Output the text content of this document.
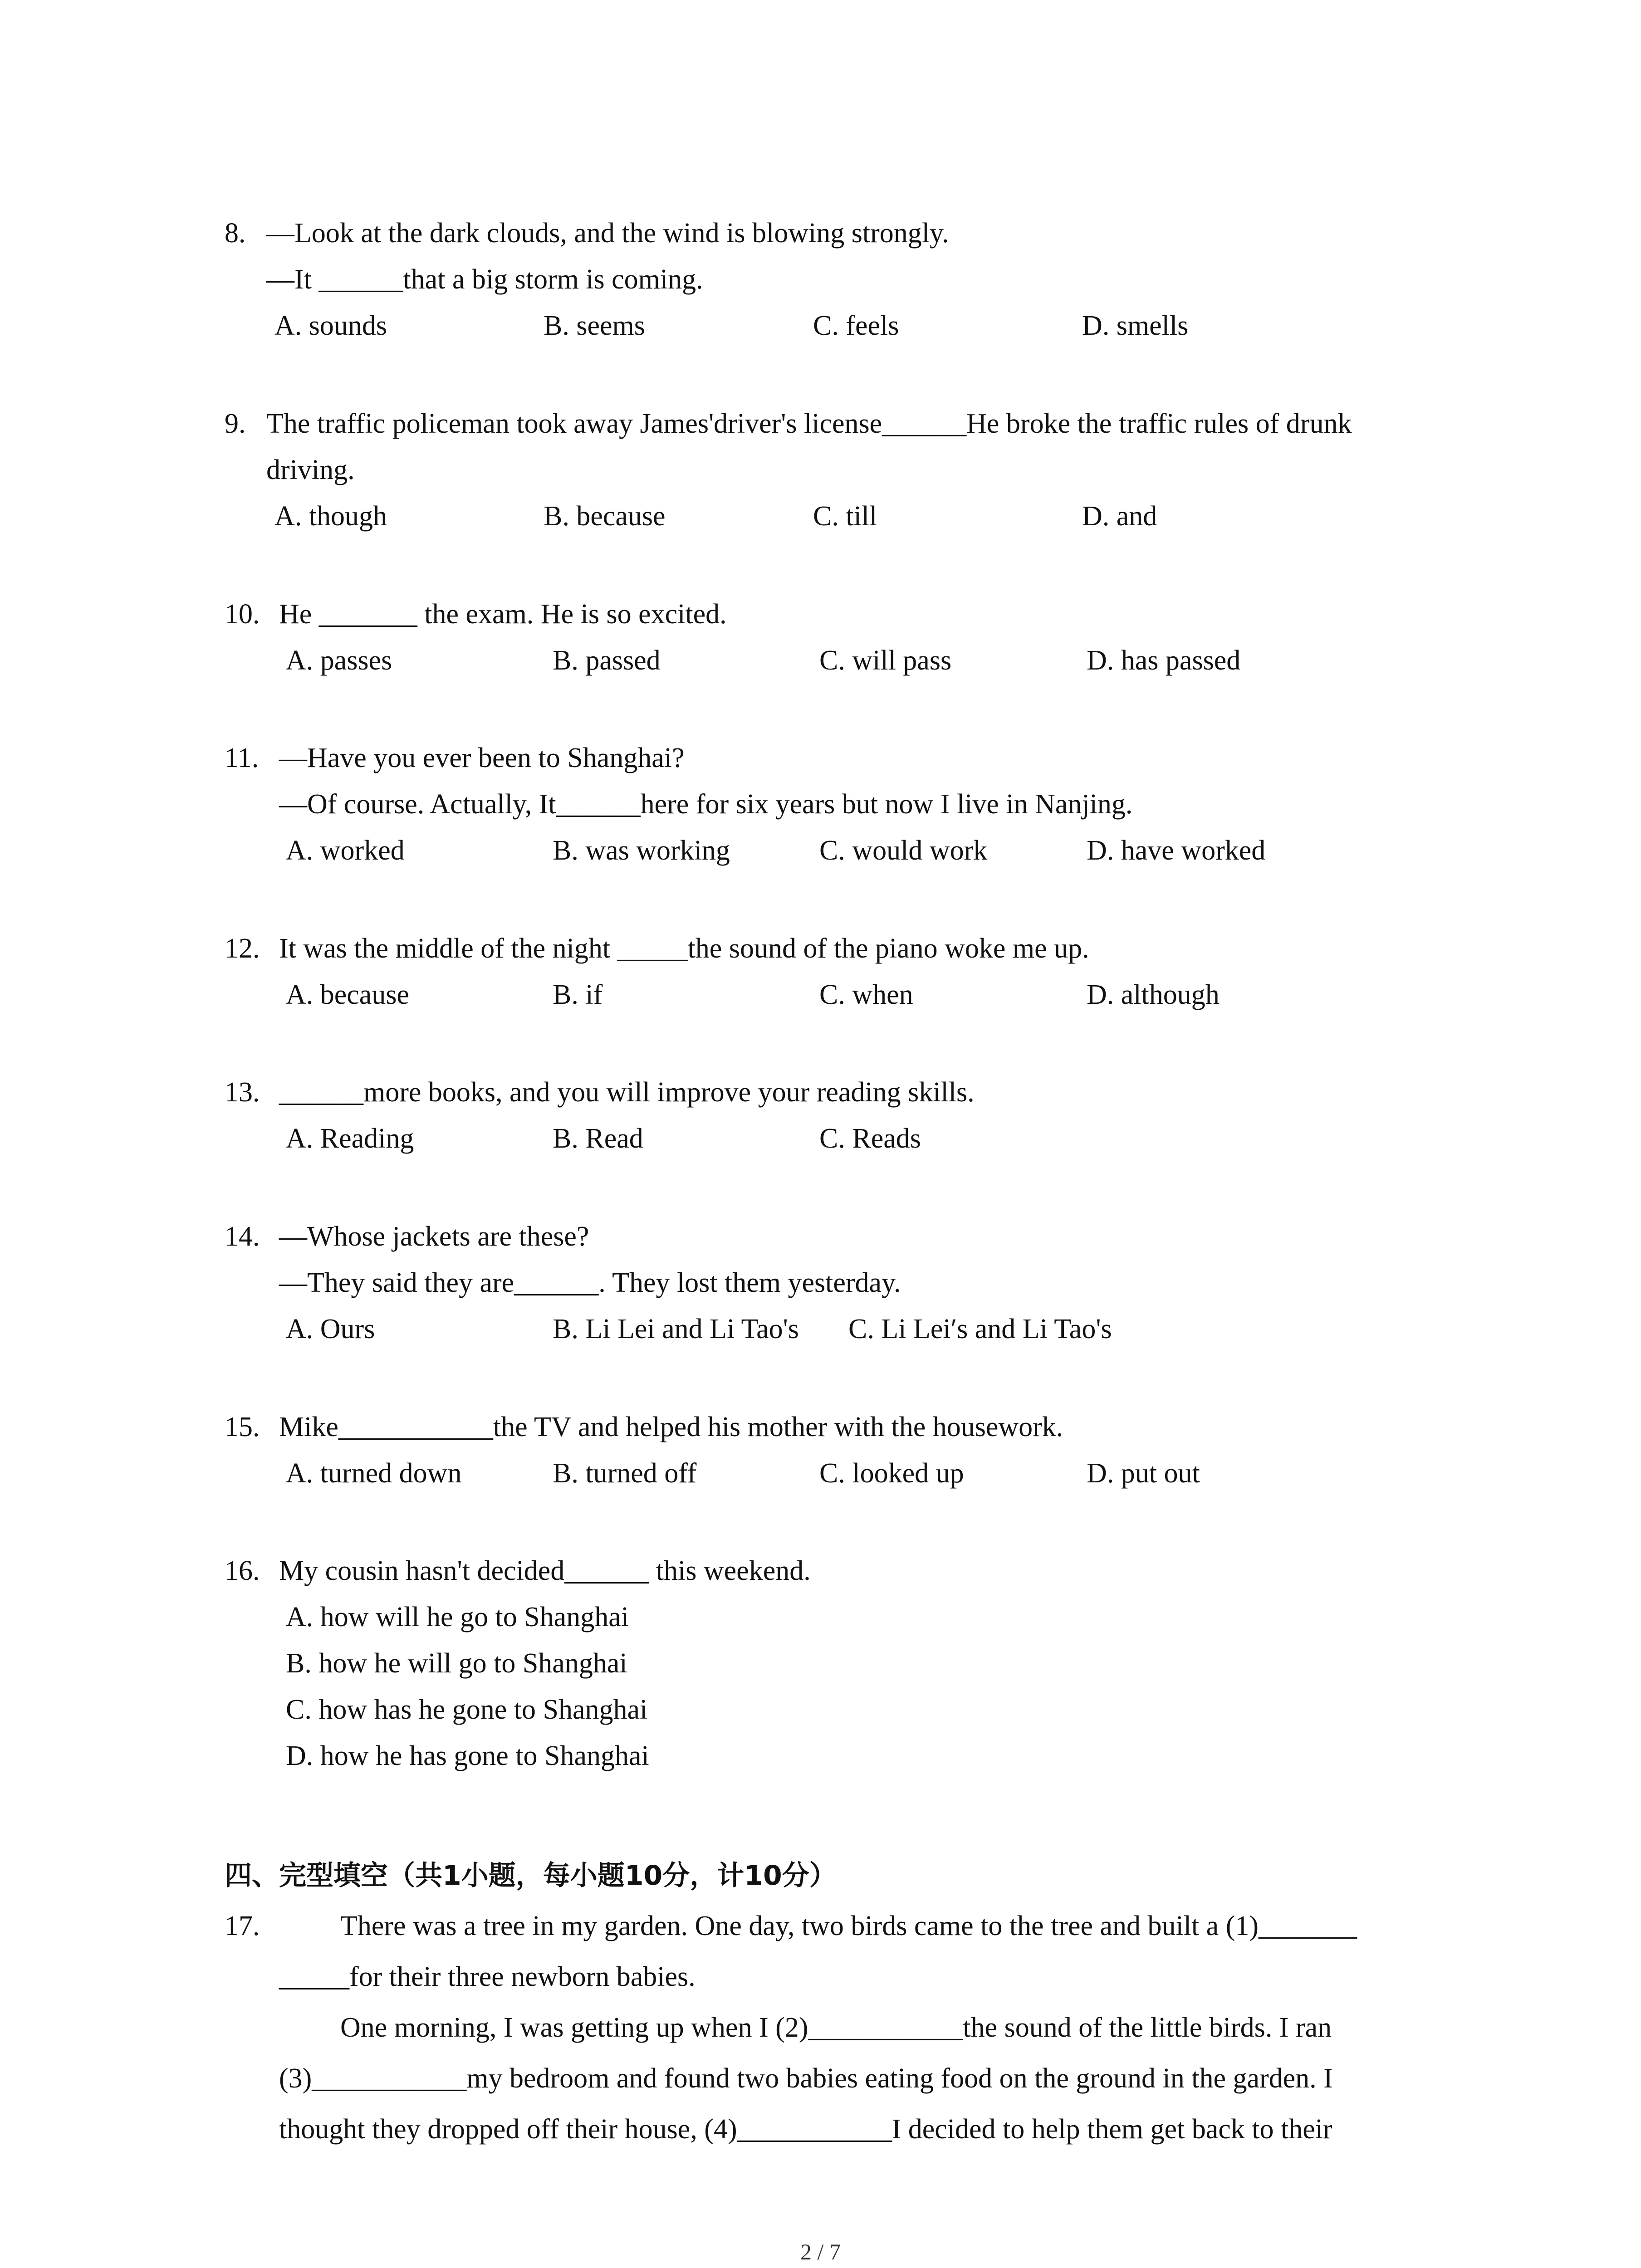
8. —Look at the dark clouds, and the wind is blowing strongly.
—It ______that a big storm is coming.
A. sounds	B. seems	C. feels	D. smells
9. The traffic policeman took away James'driver's license______He broke the traffic rules of drunk
driving.
A. though	B. because	C. till	D. and
10. He _______ the exam. He is so excited.
A. passes	B. passed	C. will pass	D. has passed
11. —Have you ever been to Shanghai?
—Of course. Actually, It______here for six years but now I live in Nanjing.
A. worked	B. was working	C. would work	D. have worked
12. It was the middle of the night _____the sound of the piano woke me up.
A. because	B. if	C. when	D. although
13. ______more books, and you will improve your reading skills.
A. Reading	B. Read	C. Reads
14. —Whose jackets are these?
—They said they are______. They lost them yesterday.
A. Ours	B. Li Lei and Li Tao's C. Li Lei′s and Li Tao's
15. Mike___________the TV and helped his mother with the housework.
A. turned down	B. turned off	C. looked up	D. put out
16. My cousin hasn't decided______ this weekend.
A. how will he go to Shanghai
B. how he will go to Shanghai
C. how has he gone to Shanghai
D. how he has gone to Shanghai
四、完型填空（共1小题，每小题10分，计10分）
17.	There was a tree in my garden. One day, two birds came to the tree and built a (1)_______
_____for their three newborn babies.
One morning, I was getting up when I (2)___________the sound of the little birds. I ran
(3)___________my bedroom and found two babies eating food on the ground in the garden. I
thought they dropped off their house, (4)___________I decided to help them get back to their
2 / 7
